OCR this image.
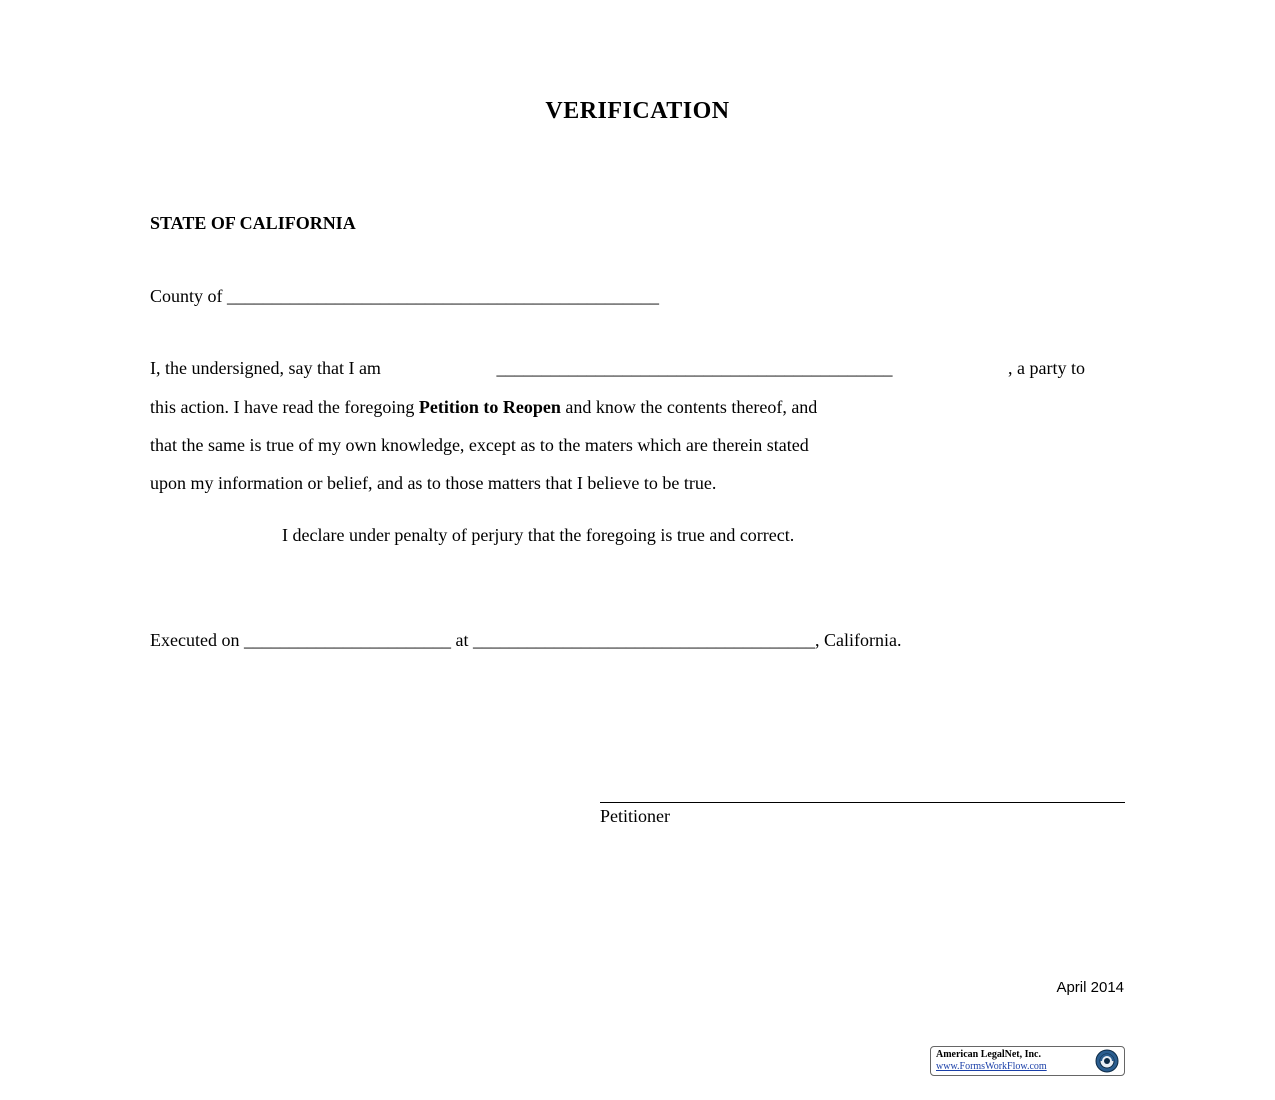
VERIFICATION
STATE OF CALIFORNIA
County of ________________________________________________
I, the undersigned, say that I am	____________________________________________	, a party to
this action. I have read the foregoing Petition to Reopen and know the contents thereof, and
that the same is true of my own knowledge, except as to the maters which are therein stated
upon my information or belief, and as to those matters that I believe to be true.
I declare under penalty of perjury that the foregoing is true and correct.
Executed on _______________________ at ______________________________________, California.
Petitioner
April 2014
American LegalNet, Inc.
www.FormsWorkFlow.com
